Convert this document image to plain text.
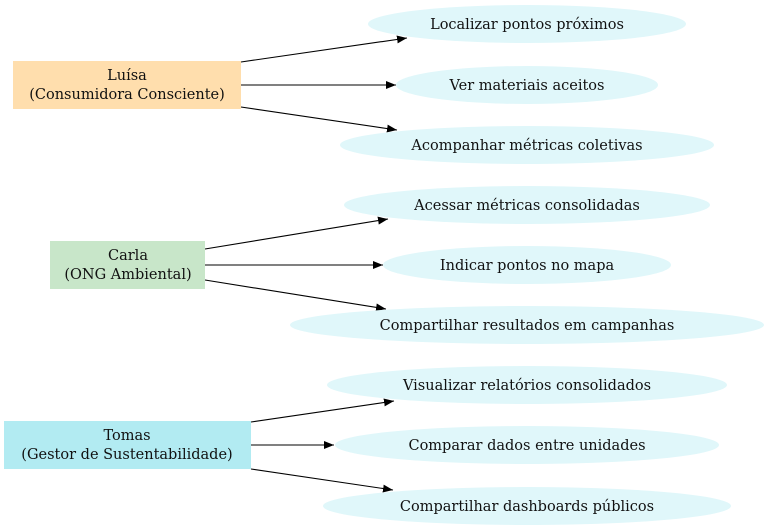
Luísa
(Consumidora Consciente)
Localizar pontos próximos
Ver materiais aceitos
Acompanhar métricas coletivas
Carla
(ONG Ambiental)
Acessar métricas consolidadas
Indicar pontos no mapa
Compartilhar resultados em campanhas
Tomas
(Gestor de Sustentabilidade)
Visualizar relatórios consolidados
Comparar dados entre unidades
Compartilhar dashboards públicos
